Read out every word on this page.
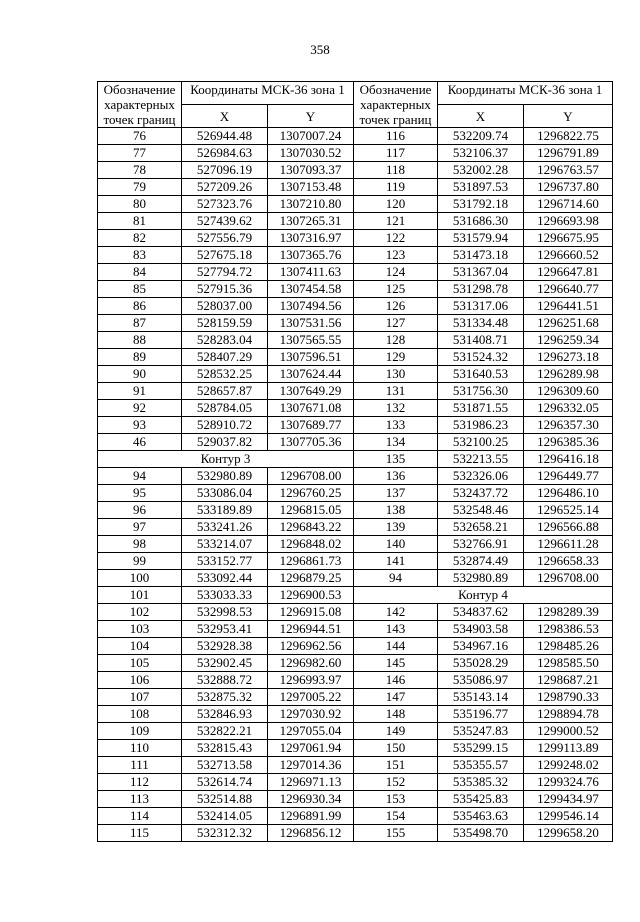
358
Обозначение характерных точек границ	Координаты МСК-36 зона 1		Обозначение характерных точек границ	Координаты МСК-36 зона 1	
	X	Y		X	Y
76	526944.48	1307007.24	116	532209.74	1296822.75
77	526984.63	1307030.52	117	532106.37	1296791.89
78	527096.19	1307093.37	118	532002.28	1296763.57
79	527209.26	1307153.48	119	531897.53	1296737.80
80	527323.76	1307210.80	120	531792.18	1296714.60
81	527439.62	1307265.31	121	531686.30	1296693.98
82	527556.79	1307316.97	122	531579.94	1296675.95
83	527675.18	1307365.76	123	531473.18	1296660.52
84	527794.72	1307411.63	124	531367.04	1296647.81
85	527915.36	1307454.58	125	531298.78	1296640.77
86	528037.00	1307494.56	126	531317.06	1296441.51
87	528159.59	1307531.56	127	531334.48	1296251.68
88	528283.04	1307565.55	128	531408.71	1296259.34
89	528407.29	1307596.51	129	531524.32	1296273.18
90	528532.25	1307624.44	130	531640.53	1296289.98
91	528657.87	1307649.29	131	531756.30	1296309.60
92	528784.05	1307671.08	132	531871.55	1296332.05
93	528910.72	1307689.77	133	531986.23	1296357.30
46	529037.82	1307705.36	134	532100.25	1296385.36
Контур 3			135	532213.55	1296416.18
94	532980.89	1296708.00	136	532326.06	1296449.77
95	533086.04	1296760.25	137	532437.72	1296486.10
96	533189.89	1296815.05	138	532548.46	1296525.14
97	533241.26	1296843.22	139	532658.21	1296566.88
98	533214.07	1296848.02	140	532766.91	1296611.28
99	533152.77	1296861.73	141	532874.49	1296658.33
100	533092.44	1296879.25	94	532980.89	1296708.00
101	533033.33	1296900.53	Контур 4		
102	532998.53	1296915.08	142	534837.62	1298289.39
103	532953.41	1296944.51	143	534903.58	1298386.53
104	532928.38	1296962.56	144	534967.16	1298485.26
105	532902.45	1296982.60	145	535028.29	1298585.50
106	532888.72	1296993.97	146	535086.97	1298687.21
107	532875.32	1297005.22	147	535143.14	1298790.33
108	532846.93	1297030.92	148	535196.77	1298894.78
109	532822.21	1297055.04	149	535247.83	1299000.52
110	532815.43	1297061.94	150	535299.15	1299113.89
111	532713.58	1297014.36	151	535355.57	1299248.02
112	532614.74	1296971.13	152	535385.32	1299324.76
113	532514.88	1296930.34	153	535425.83	1299434.97
114	532414.05	1296891.99	154	535463.63	1299546.14
115	532312.32	1296856.12	155	535498.70	1299658.20
